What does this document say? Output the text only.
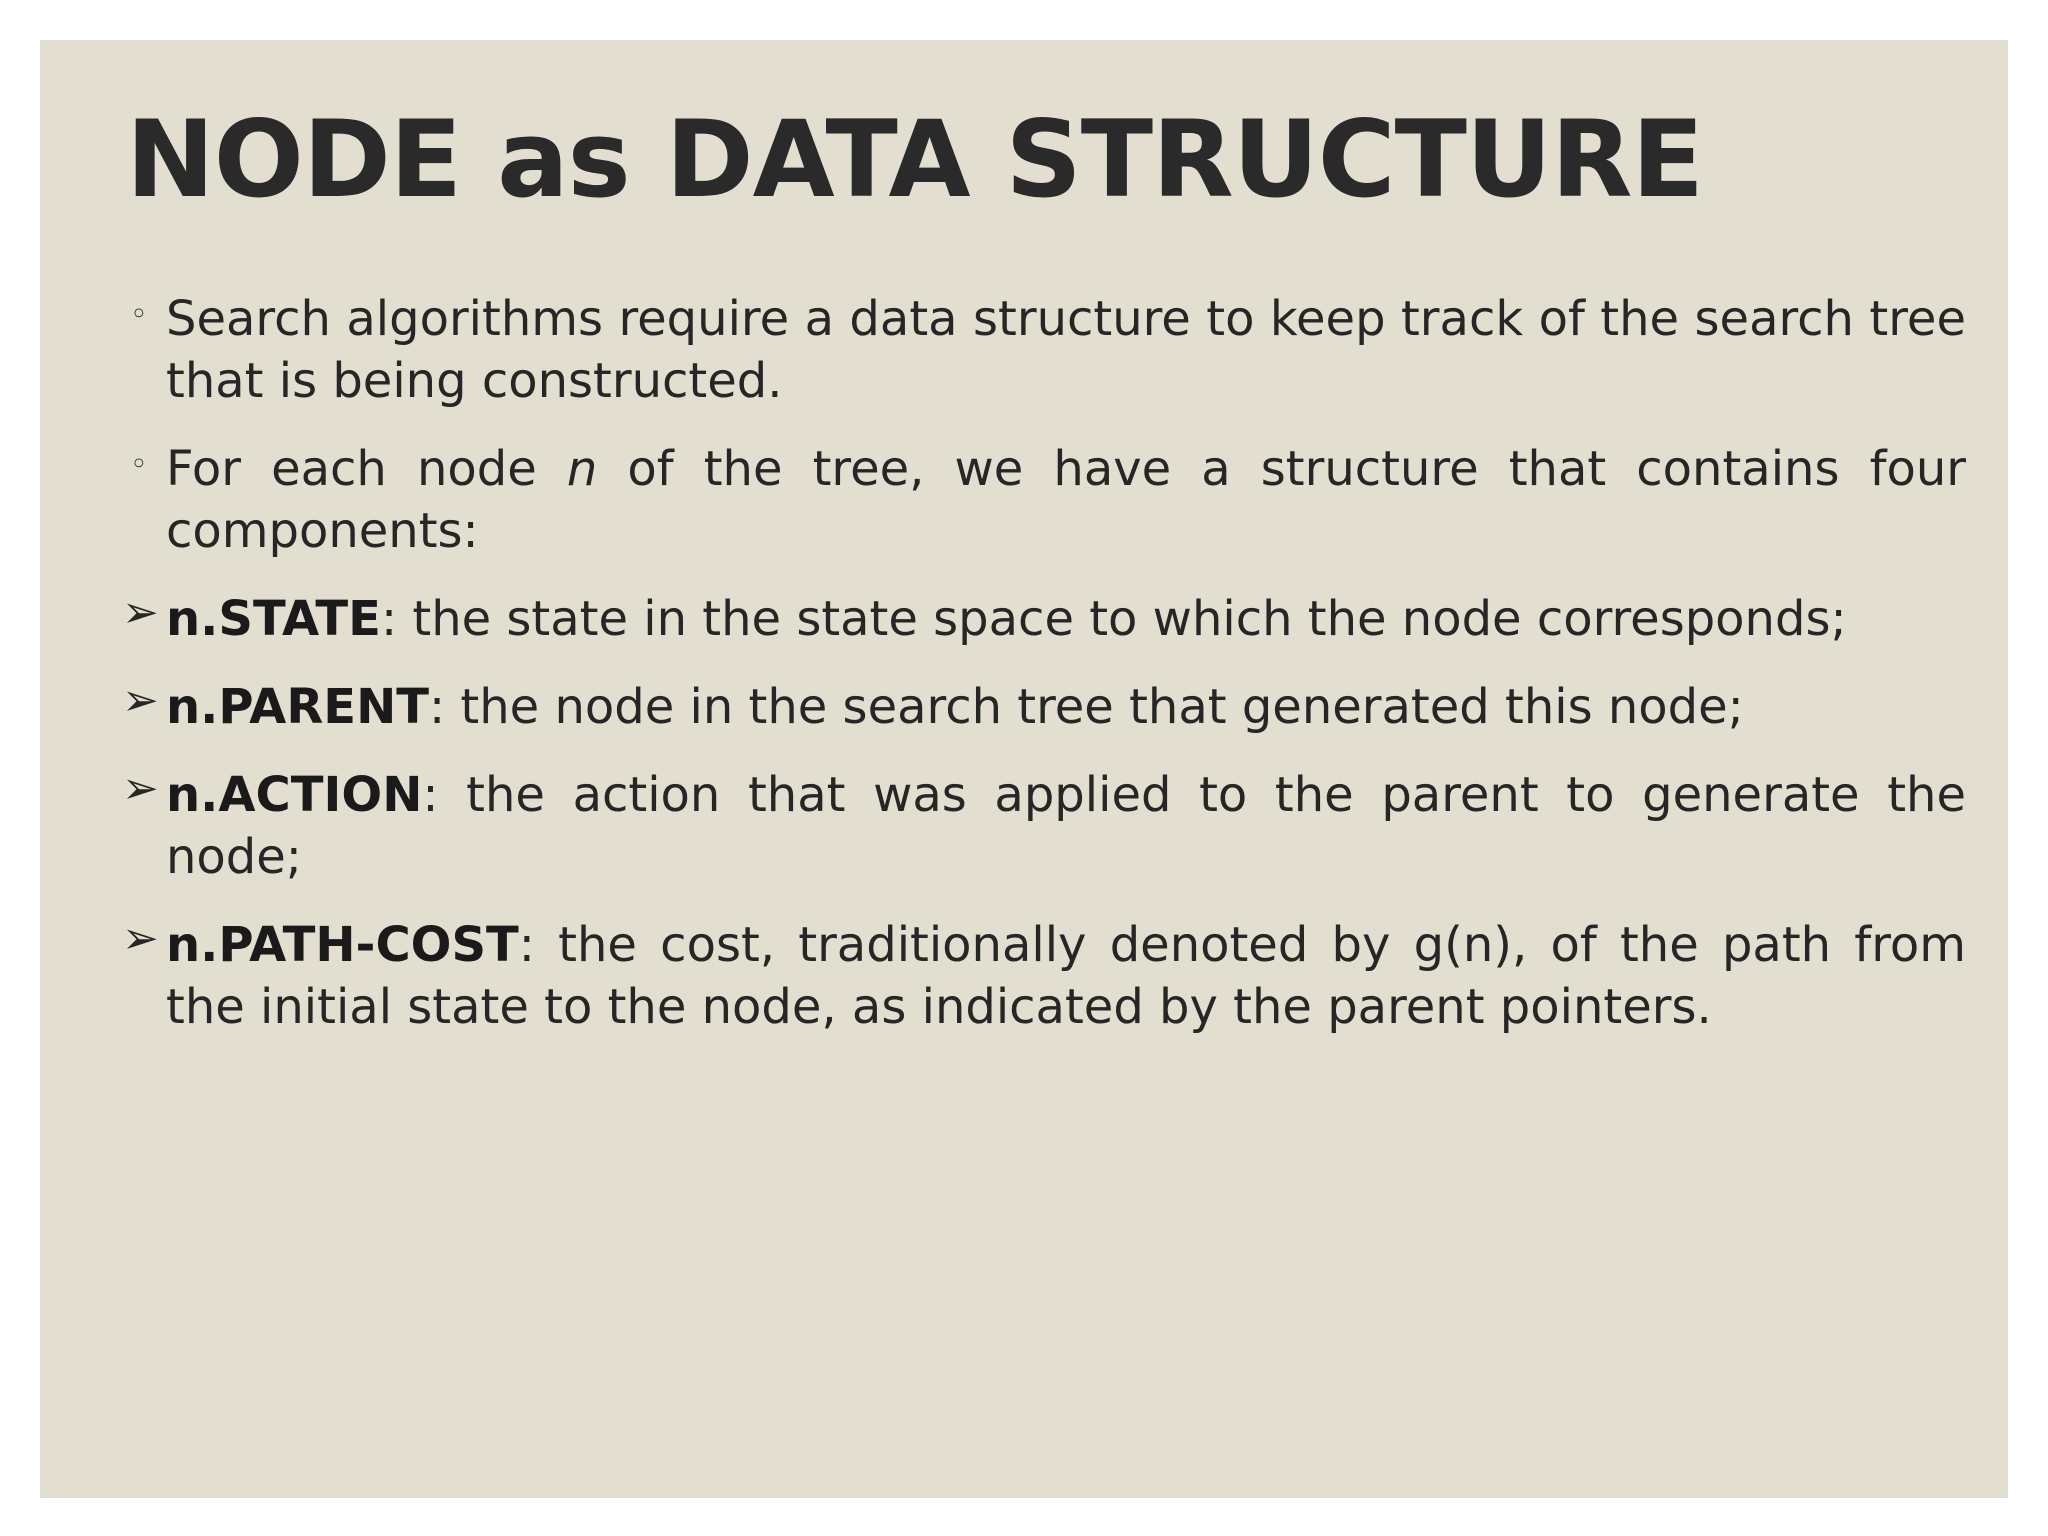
NODE as DATA STRUCTURE
◦ Search algorithms require a data structure to keep track of the search tree that is being constructed.
◦ For each node n of the tree, we have a structure that contains four components:
➢ n.STATE: the state in the state space to which the node corresponds;
➢ n.PARENT: the node in the search tree that generated this node;
➢ n.ACTION: the action that was applied to the parent to generate the node;
➢ n.PATH-COST: the cost, traditionally denoted by g(n), of the path from the initial state to the node, as indicated by the parent pointers.
